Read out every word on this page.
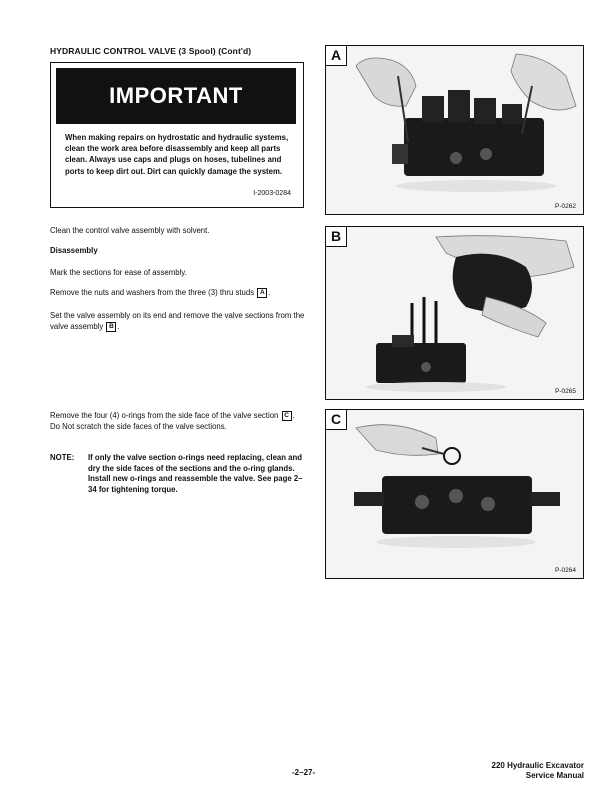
HYDRAULIC CONTROL VALVE (3 Spool) (Cont'd)
IMPORTANT
When making repairs on hydrostatic and hydraulic systems, clean the work area before disassembly and keep all parts clean. Always use caps and plugs on hoses, tubelines and ports to keep dirt out. Dirt can quickly damage the system.
I-2003-0284
Clean the control valve assembly with solvent.
Disassembly
Mark the sections for ease of assembly.
Remove the nuts and washers from the three (3) thru studs A .
Set the valve assembly on its end and remove the valve sections from the valve assembly B .
Remove the four (4) o-rings from the side face of the valve section C . Do Not scratch the side faces of the valve sections.
NOTE: If only the valve section o-rings need replacing, clean and dry the side faces of the sections and the o-ring glands. Install new o-rings and reassemble the valve. See page 2–34 for tightening torque.
A
P-0262
B
P-0265
C
P-0264
-2–27-
220 Hydraulic Excavator
Service Manual
